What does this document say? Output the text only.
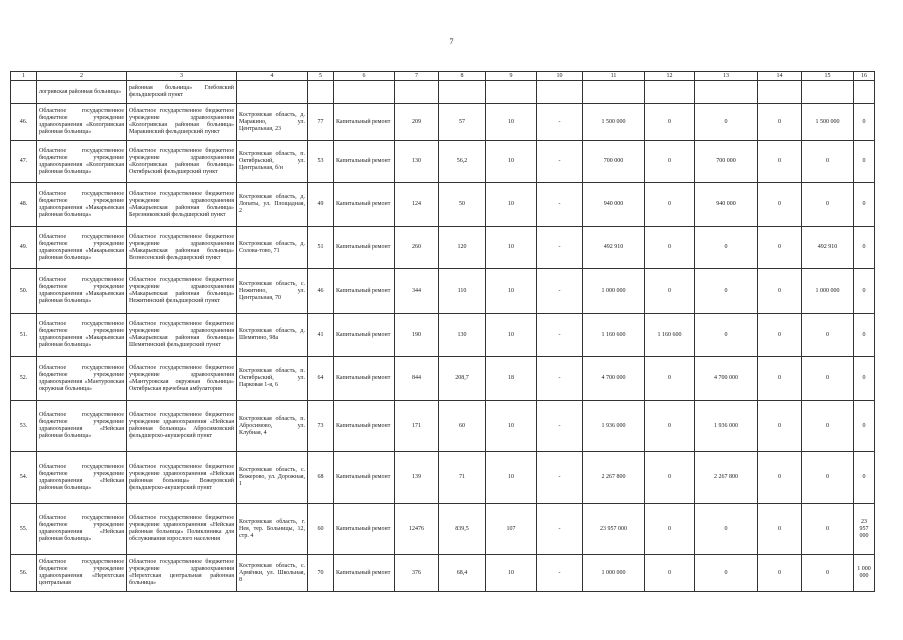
7
1	2	3	4	5	6	7	8	9	10	11	12	13	14	15	16
	логривская районная больница»	районная больница» Глебовский фельдшерский пункт													
46.	Областное государственное бюджетное учреждение здравоохранения «Кологривская районная больница»	Областное государственное бюджетное учреждение здравоохранения «Кологривская районная больница» Маракинский фельдшерский пункт	Костромская область, д. Маракино, ул. Центральная, 23	77	Капитальный ремонт	209	57	10	-	1 500 000	0	0	0	1 500 000	0
47.	Областное государственное бюджетное учреждение здравоохранения «Кологривская районная больница»	Областное государственное бюджетное учреждение здравоохранения «Кологривская районная больница» Октябрьский фельдшерский пункт	Костромская область, п. Октябрьский, ул. Центральная, б/н	53	Капитальный ремонт	130	56,2	10	-	700 000	0	700 000	0	0	0
48.	Областное государственное бюджетное учреждение здравоохранения «Макарьевская районная больница»	Областное государственное бюджетное учреждение здравоохранения «Макарьевская районная больница» Березниковский фельдшерский пункт	Костромская область, д. Лопаты, ул. Площадная, 2	49	Капитальный ремонт	124	50	10	-	940 000	0	940 000	0	0	0
49.	Областное государственное бюджетное учреждение здравоохранения «Макарьевская районная больница»	Областное государственное бюджетное учреждение здравоохранения «Макарьевская районная больница» Вознесенский фельдшерский пункт	Костромская область, д. Солова-тово, 71	51	Капитальный ремонт	260	120	10	-	492 910	0	0	0	492 910	0
50.	Областное государственное бюджетное учреждение здравоохранения «Макарьевская районная больница»	Областное государственное бюджетное учреждение здравоохранения «Макарьевская районная больница» Нежитинский фельдшерский пункт	Костромская область, с. Нежитино, ул. Центральная, 70	46	Капитальный ремонт	344	110	10	-	1 000 000	0	0	0	1 000 000	0
51.	Областное государственное бюджетное учреждение здравоохранения «Макарьевская районная больница»	Областное государственное бюджетное учреждение здравоохранения «Макарьевская районная больница» Шемятинский фельдшерский пункт	Костромская область, д. Шемятино, 98а	41	Капитальный ремонт	190	130	10	-	1 160 600	1 160 600	0	0	0	0
52.	Областное государственное бюджетное учреждение здравоохранения «Мантуровская окружная больница»	Областное государственное бюджетное учреждение здравоохранения «Мантуровская окружная больница» Октябрьская врачебная амбулатория	Костромская область, п. Октябрьский, ул. Парковая 1-я, 6	64	Капитальный ремонт	844	208,7	18	-	4 700 000	0	4 700 000	0	0	0
53.	Областное государственное бюджетное учреждение здравоохранения «Нейская районная больница»	Областное государственное бюджетное учреждение здравоохранения «Нейская районная больница» Абросимовский фельдшерско-акушерский пункт	Костромская область, п. Абросимово, ул. Клубная, 4	73	Капитальный ремонт	171	60	10	-	1 936 000	0	1 936 000	0	0	0
54.	Областное государственное бюджетное учреждение здравоохранения «Нейская районная больница»	Областное государственное бюджетное учреждение здравоохранения «Нейская районная больница» Вожеровский фельдшерско-акушерский пункт	Костромская область, с. Вожерово, ул. Дорожная, 1	68	Капитальный ремонт	139	71	10	-	2 267 800	0	2 267 800	0	0	0
55.	Областное государственное бюджетное учреждение здравоохранения «Нейская районная больница»	Областное государственное бюджетное учреждение здравоохранения «Нейская районная больница» Поликлиника для обслуживания взрослого населения	Костромская область, г. Нея, тер. Больницы, 12, стр. 4	60	Капитальный ремонт	12476	839,5	107	-	23 957 000	0	0	0	0	23 957 000
56.	Областное государственное бюджетное учреждение здравоохранения «Нерехтская центральная	Областное государственное бюджетное учреждение здравоохранения «Нерехтская центральная районная больница»	Костромская область, с. Армёнки, ул. Школьная, 8	70	Капитальный ремонт	376	68,4	10	-	1 000 000	0	0	0	0	1 000 000
